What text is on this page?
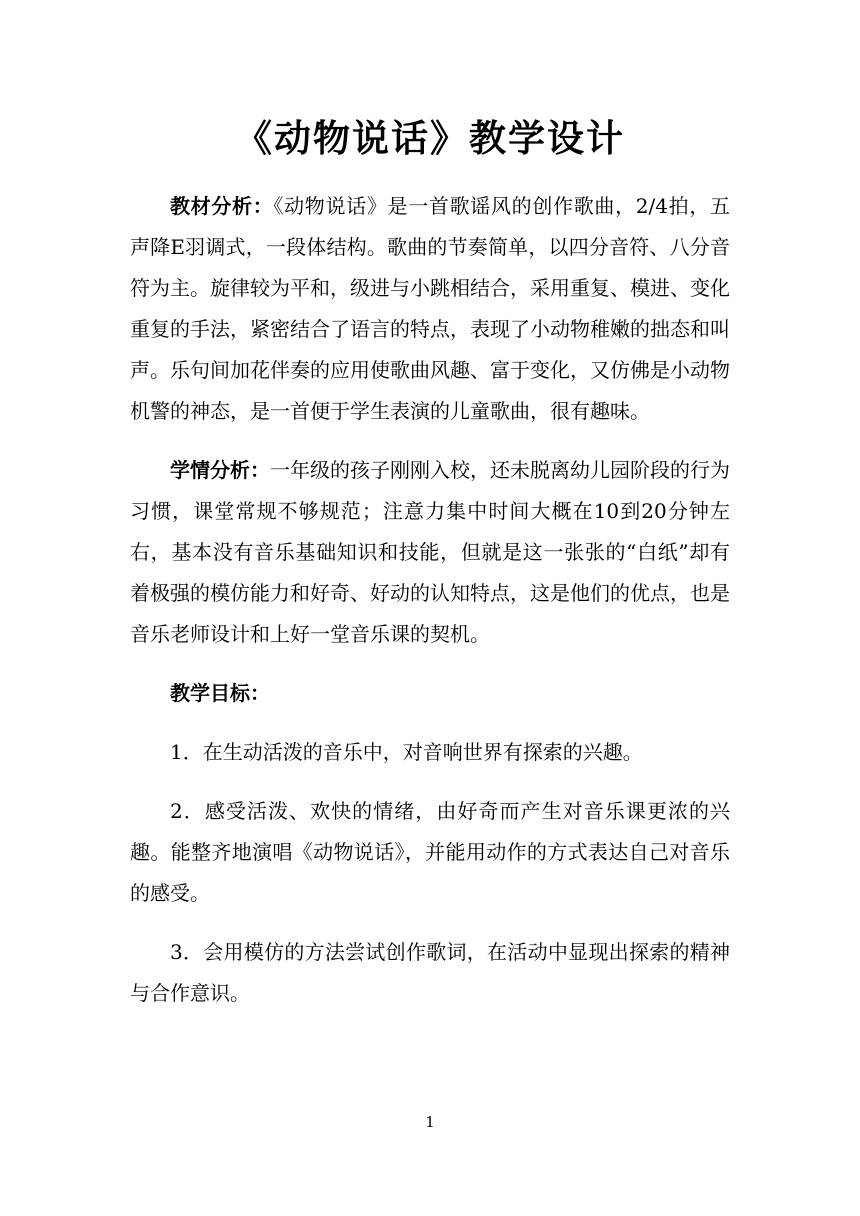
《动物说话》教学设计

教材分析：《动物说话》是一首歌谣风的创作歌曲，2/4拍，五声降E羽调式，一段体结构。歌曲的节奏简单，以四分音符、八分音符为主。旋律较为平和，级进与小跳相结合，采用重复、模进、变化重复的手法，紧密结合了语言的特点，表现了小动物稚嫩的拙态和叫声。乐句间加花伴奏的应用使歌曲风趣、富于变化，又仿佛是小动物机警的神态，是一首便于学生表演的儿童歌曲，很有趣味。

学情分析：一年级的孩子刚刚入校，还未脱离幼儿园阶段的行为习惯，课堂常规不够规范；注意力集中时间大概在10到20分钟左右，基本没有音乐基础知识和技能，但就是这一张张的“白纸”却有着极强的模仿能力和好奇、好动的认知特点，这是他们的优点，也是音乐老师设计和上好一堂音乐课的契机。

教学目标：

1．在生动活泼的音乐中，对音响世界有探索的兴趣。

2．感受活泼、欢快的情绪，由好奇而产生对音乐课更浓的兴趣。能整齐地演唱《动物说话》，并能用动作的方式表达自己对音乐的感受。

3．会用模仿的方法尝试创作歌词，在活动中显现出探索的精神与合作意识。

1
